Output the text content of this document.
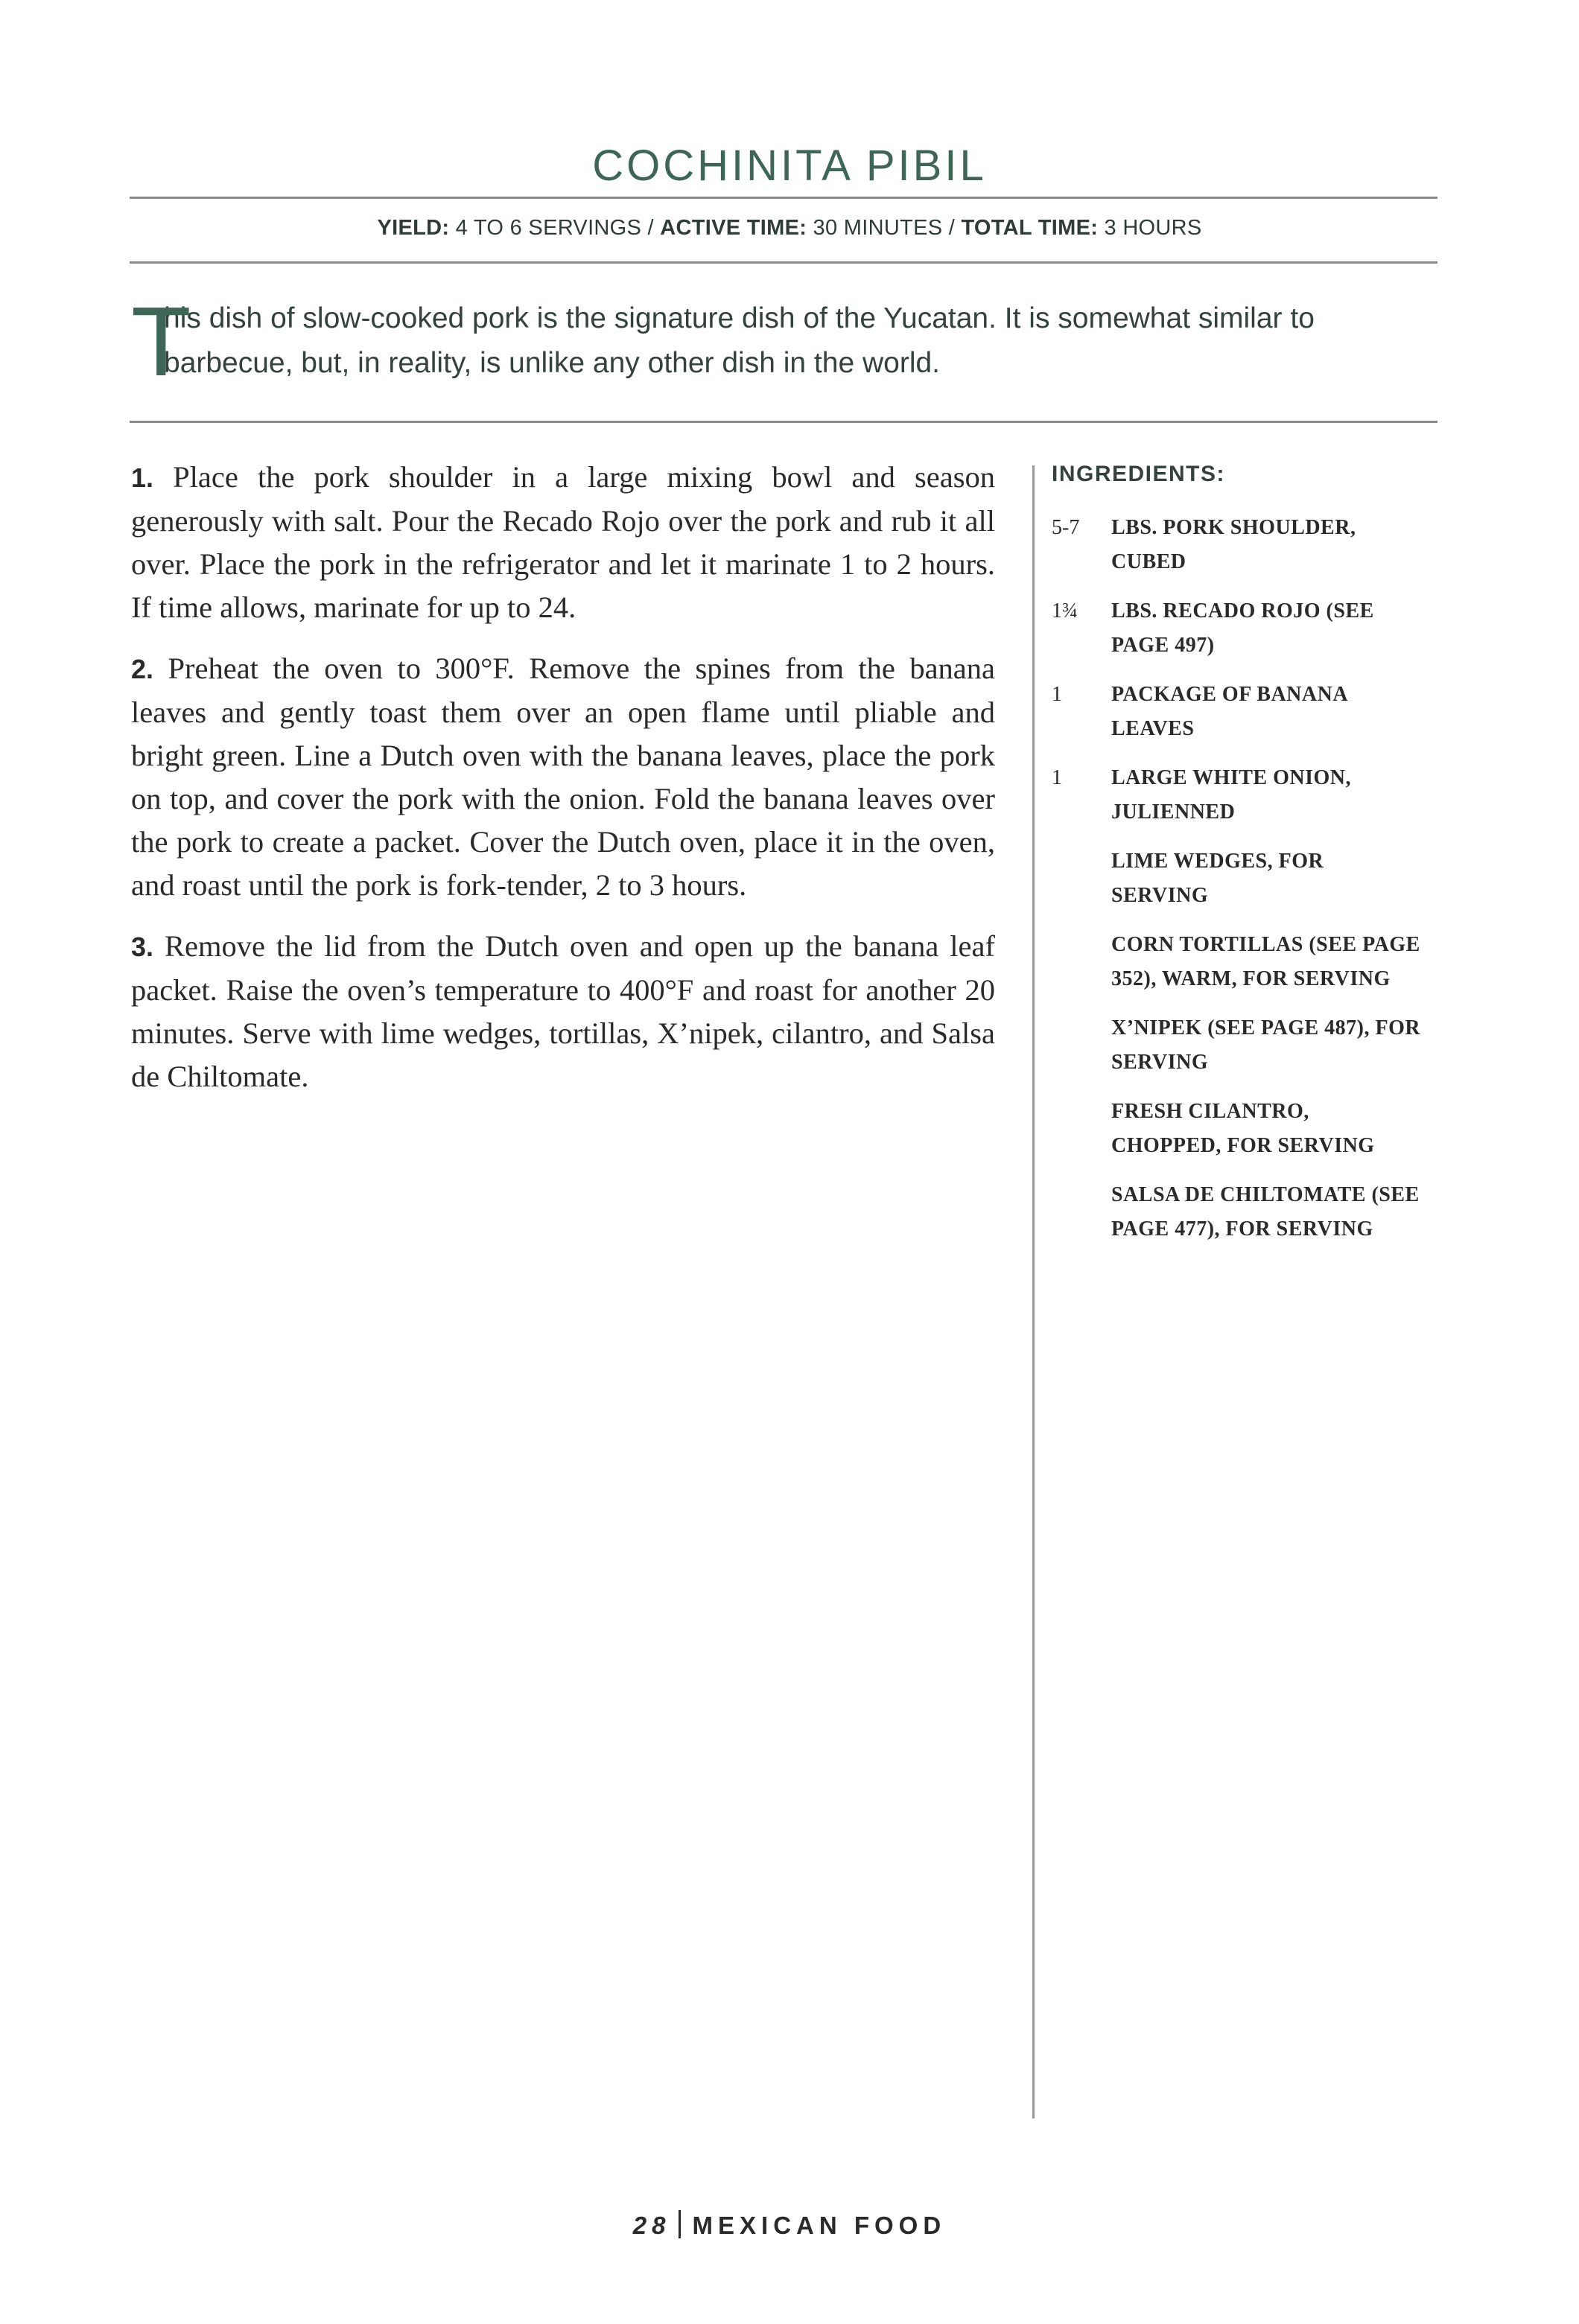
COCHINITA PIBIL
YIELD: 4 TO 6 SERVINGS / ACTIVE TIME: 30 MINUTES / TOTAL TIME: 3 HOURS
T
his dish of slow-cooked pork is the signature dish of the Yucatan. It is somewhat similar to barbecue, but, in reality, is unlike any other dish in the world.

1. Place the pork shoulder in a large mixing bowl and season generously with salt. Pour the Recado Rojo over the pork and rub it all over. Place the pork in the refrigerator and let it marinate 1 to 2 hours. If time allows, marinate for up to 24.

2. Preheat the oven to 300°F. Remove the spines from the banana leaves and gently toast them over an open flame until pliable and bright green. Line a Dutch oven with the banana leaves, place the pork on top, and cover the pork with the onion. Fold the banana leaves over the pork to create a packet. Cover the Dutch oven, place it in the oven, and roast until the pork is fork-tender, 2 to 3 hours.

3. Remove the lid from the Dutch oven and open up the banana leaf packet. Raise the oven’s temperature to 400°F and roast for another 20 minutes. Serve with lime wedges, tortillas, X’nipek, cilantro, and Salsa de Chiltomate.

INGREDIENTS:
5-7	LBS. PORK SHOULDER, CUBED
1¾	LBS. RECADO ROJO (SEE PAGE 497)
1	PACKAGE OF BANANA LEAVES
1	LARGE WHITE ONION, JULIENNED
LIME WEDGES, FOR SERVING
CORN TORTILLAS (SEE PAGE 352), WARM, FOR SERVING
X’NIPEK (SEE PAGE 487), FOR SERVING
FRESH CILANTRO, CHOPPED, FOR SERVING
SALSA DE CHILTOMATE (SEE PAGE 477), FOR SERVING
28 MEXICAN FOOD
